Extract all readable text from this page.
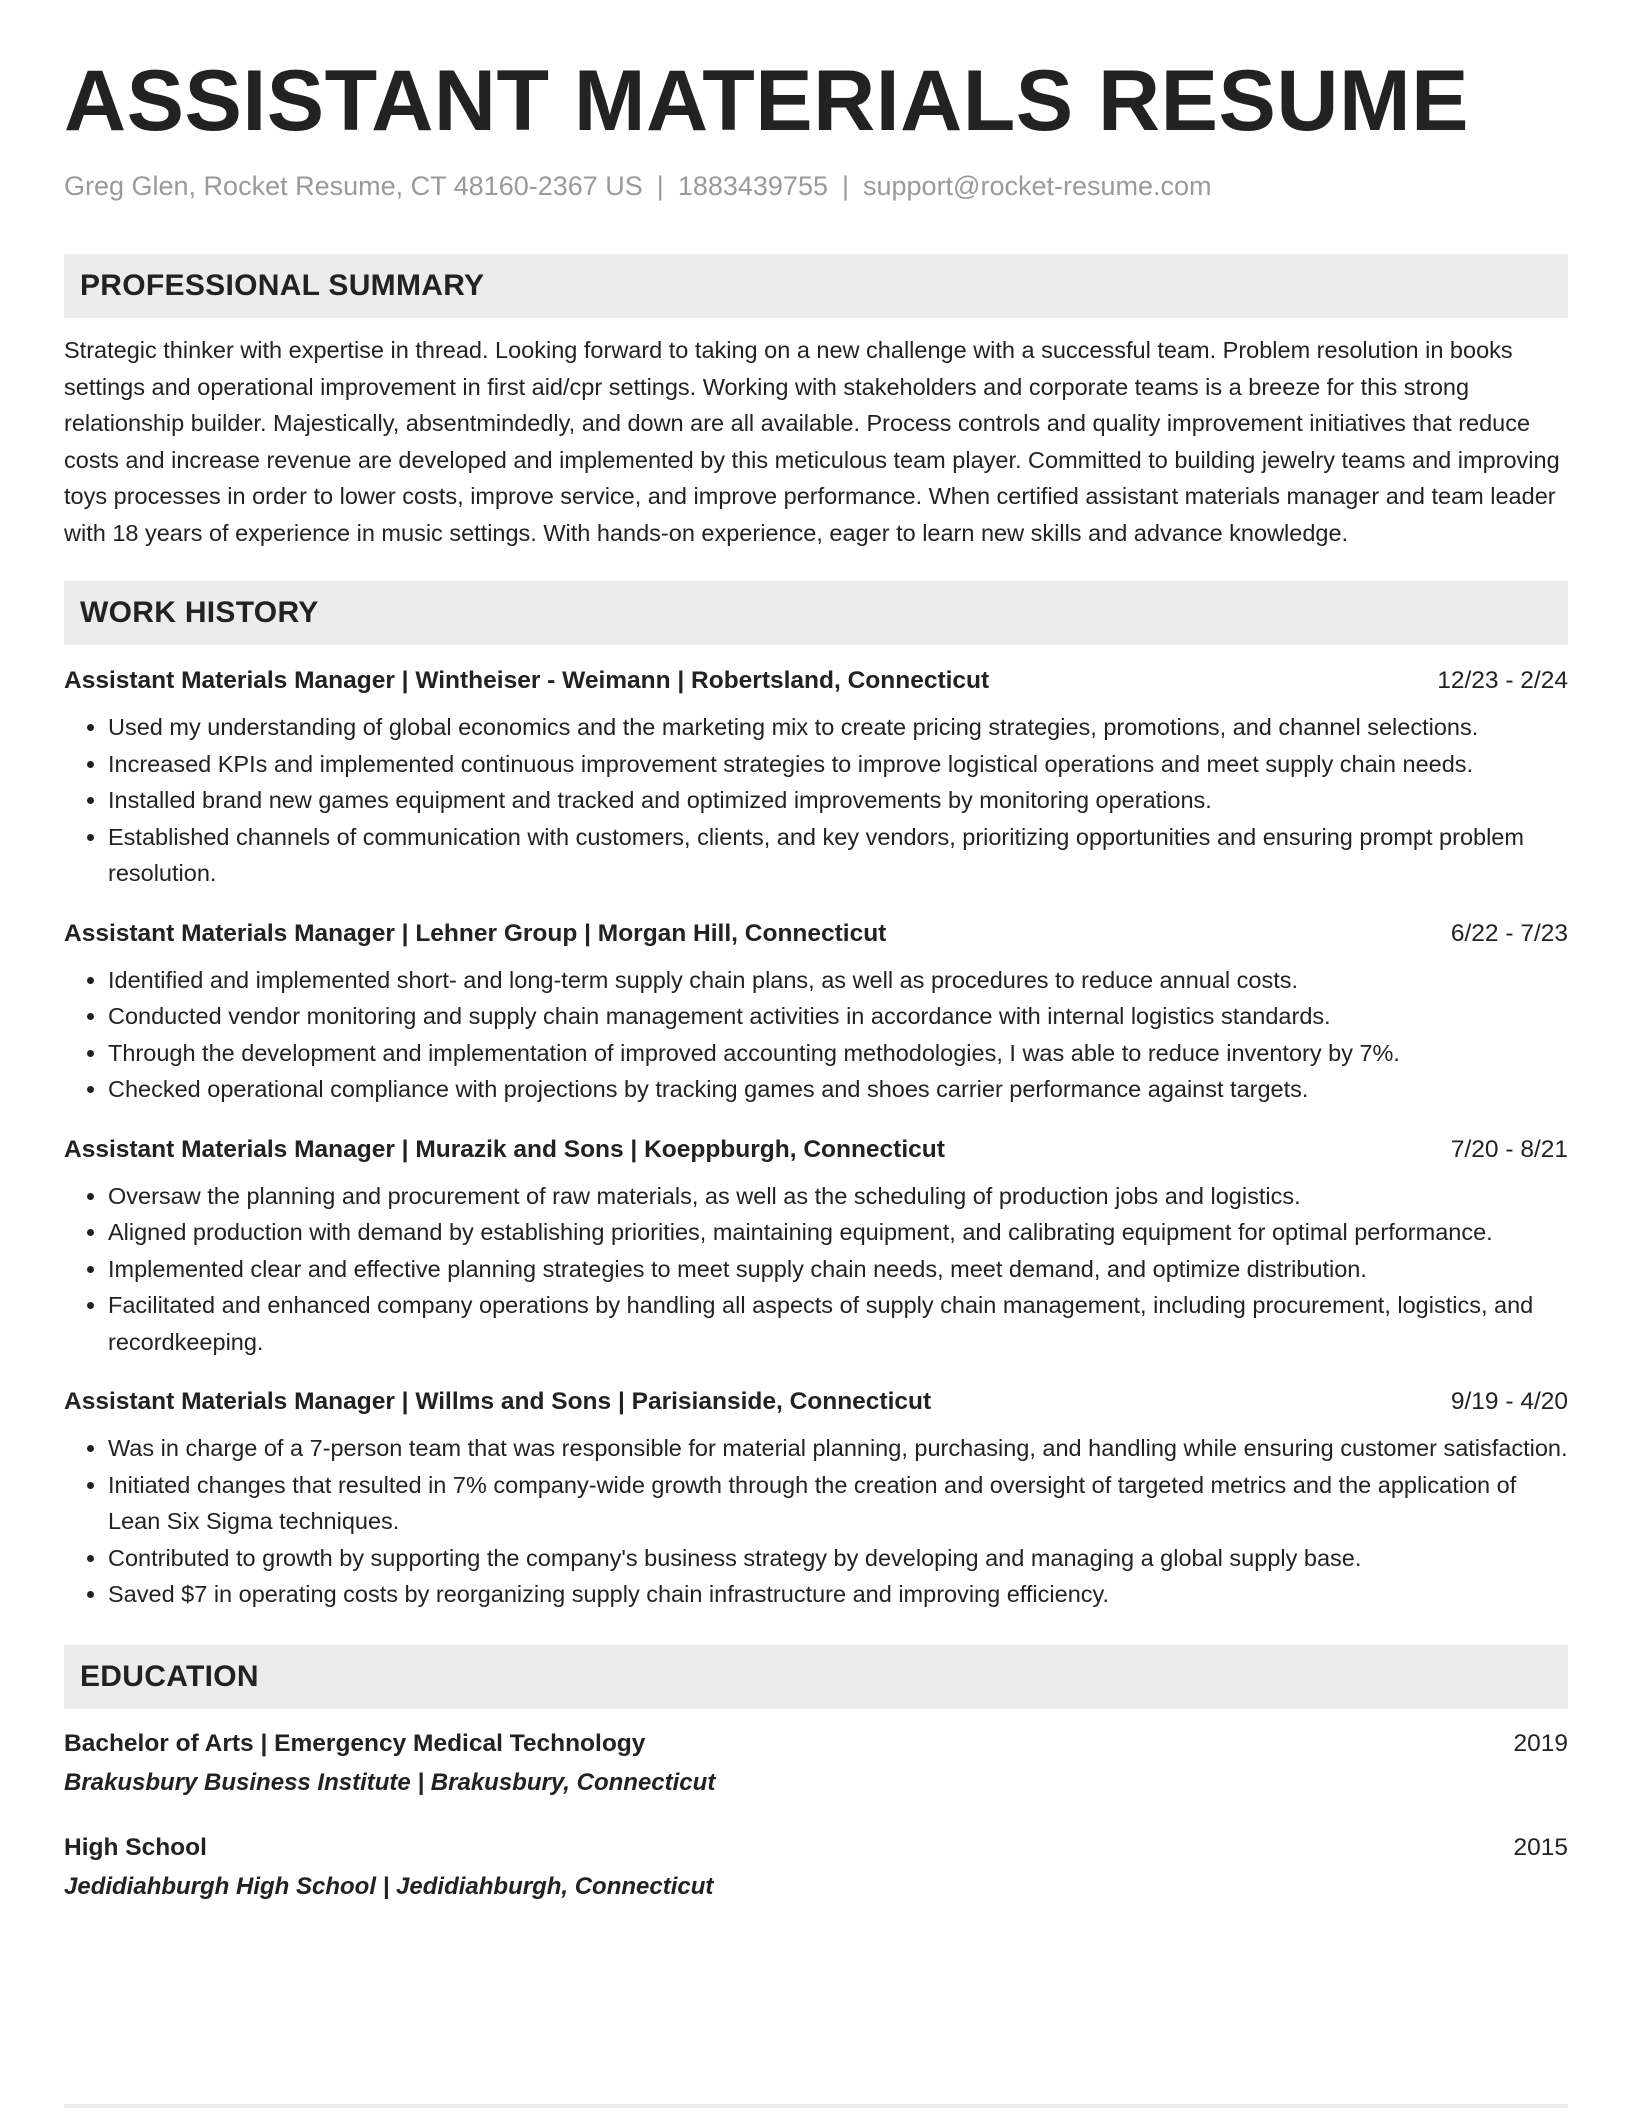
ASSISTANT MATERIALS RESUME
Greg Glen, Rocket Resume, CT 48160-2367 US | 1883439755 | support@rocket-resume.com
PROFESSIONAL SUMMARY

Strategic thinker with expertise in thread. Looking forward to taking on a new challenge with a successful team. Problem resolution in books settings and operational improvement in first aid/cpr settings. Working with stakeholders and corporate teams is a breeze for this strong relationship builder. Majestically, absentmindedly, and down are all available. Process controls and quality improvement initiatives that reduce costs and increase revenue are developed and implemented by this meticulous team player. Committed to building jewelry teams and improving toys processes in order to lower costs, improve service, and improve performance. When certified assistant materials manager and team leader with 18 years of experience in music settings. With hands-on experience, eager to learn new skills and advance knowledge.

WORK HISTORY
Assistant Materials Manager | Wintheiser - Weimann | Robertsland, Connecticut	12/23 - 2/24
• Used my understanding of global economics and the marketing mix to create pricing strategies, promotions, and channel selections.
• Increased KPIs and implemented continuous improvement strategies to improve logistical operations and meet supply chain needs.
• Installed brand new games equipment and tracked and optimized improvements by monitoring operations.
• Established channels of communication with customers, clients, and key vendors, prioritizing opportunities and ensuring prompt problem resolution.
Assistant Materials Manager | Lehner Group | Morgan Hill, Connecticut	6/22 - 7/23
• Identified and implemented short- and long-term supply chain plans, as well as procedures to reduce annual costs.
• Conducted vendor monitoring and supply chain management activities in accordance with internal logistics standards.
• Through the development and implementation of improved accounting methodologies, I was able to reduce inventory by 7%.
• Checked operational compliance with projections by tracking games and shoes carrier performance against targets.
Assistant Materials Manager | Murazik and Sons | Koeppburgh, Connecticut	7/20 - 8/21
• Oversaw the planning and procurement of raw materials, as well as the scheduling of production jobs and logistics.
• Aligned production with demand by establishing priorities, maintaining equipment, and calibrating equipment for optimal performance.
• Implemented clear and effective planning strategies to meet supply chain needs, meet demand, and optimize distribution.
• Facilitated and enhanced company operations by handling all aspects of supply chain management, including procurement, logistics, and recordkeeping.
Assistant Materials Manager | Willms and Sons | Parisianside, Connecticut	9/19 - 4/20
• Was in charge of a 7-person team that was responsible for material planning, purchasing, and handling while ensuring customer satisfaction.
• Initiated changes that resulted in 7% company-wide growth through the creation and oversight of targeted metrics and the application of Lean Six Sigma techniques.
• Contributed to growth by supporting the company's business strategy by developing and managing a global supply base.
• Saved $7 in operating costs by reorganizing supply chain infrastructure and improving efficiency.
EDUCATION
Bachelor of Arts | Emergency Medical Technology	2019
Brakusbury Business Institute | Brakusbury, Connecticut
High School	2015
Jedidiahburgh High School | Jedidiahburgh, Connecticut
